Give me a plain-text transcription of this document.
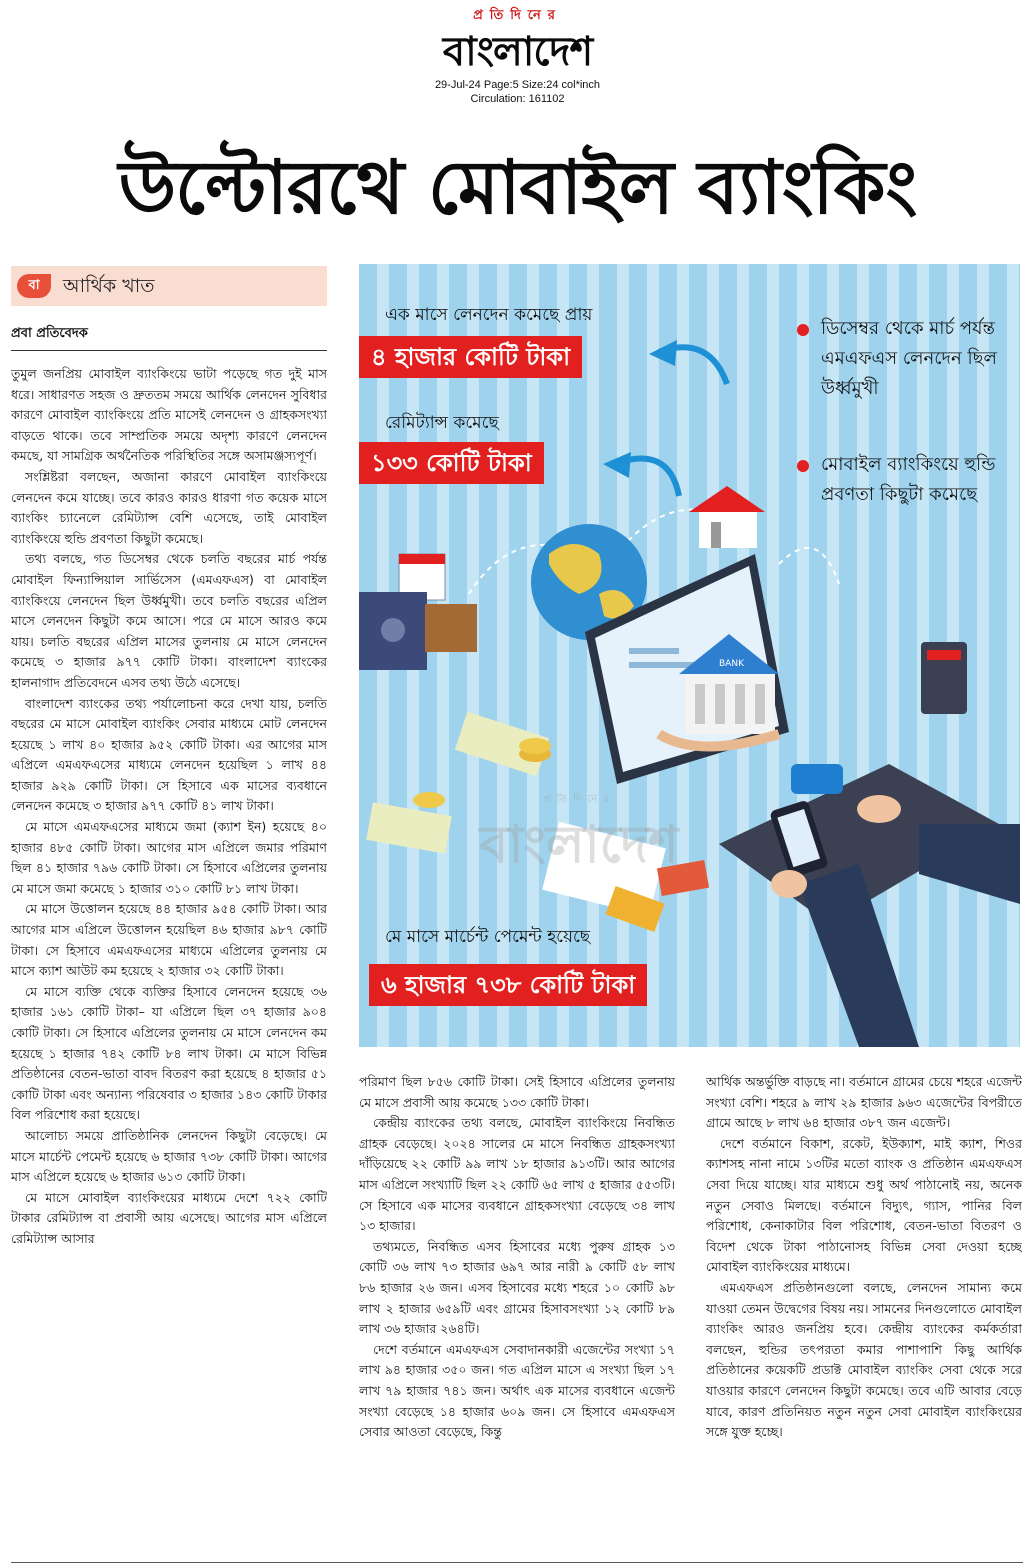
প্রতিদিনের
বাংলাদেশ
29-Jul-24 Page:5 Size:24 col*inch
Circulation: 161102
উল্টোরথে মোবাইল ব্যাংকিং
বা	আর্থিক খাত
প্রবা প্রতিবেদক

তুমুল জনপ্রিয় মোবাইল ব্যাংকিংয়ে ভাটা পড়েছে গত দুই মাস ধরে। সাধারণত সহজ ও দ্রুততম সময়ে আর্থিক লেনদেন সুবিধার কারণে মোবাইল ব্যাংকিংয়ে প্রতি মাসেই লেনদেন ও গ্রাহকসংখ্যা বাড়তে থাকে। তবে সাম্প্রতিক সময়ে অদৃশ্য কারণে লেনদেন কমছে, যা সামগ্রিক অর্থনৈতিক পরিস্থিতির সঙ্গে অসামঞ্জস্যপূর্ণ।

সংশ্লিষ্টরা বলছেন, অজানা কারণে মোবাইল ব্যাংকিংয়ে লেনদেন কমে যাচ্ছে। তবে কারও কারও ধারণা গত কয়েক মাসে ব্যাংকিং চ্যানেলে রেমিট্যান্স বেশি এসেছে, তাই মোবাইল ব্যাংকিংয়ে হুন্ডি প্রবণতা কিছুটা কমেছে।

তথ্য বলছে, গত ডিসেম্বর থেকে চলতি বছরের মার্চ পর্যন্ত মোবাইল ফিন্যান্সিয়াল সার্ভিসেস (এমএফএস) বা মোবাইল ব্যাংকিংয়ে লেনদেন ছিল উর্ধ্বমুখী। তবে চলতি বছরের এপ্রিল মাসে লেনদেন কিছুটা কমে আসে। পরে মে মাসে আরও কমে যায়। চলতি বছরের এপ্রিল মাসের তুলনায় মে মাসে লেনদেন কমেছে ৩ হাজার ৯৭৭ কোটি টাকা। বাংলাদেশ ব্যাংকের হালনাগাদ প্রতিবেদনে এসব তথ্য উঠে এসেছে।

বাংলাদেশ ব্যাংকের তথ্য পর্যালোচনা করে দেখা যায়, চলতি বছরের মে মাসে মোবাইল ব্যাংকিং সেবার মাধ্যমে মোট লেনদেন হয়েছে ১ লাখ ৪০ হাজার ৯৫২ কোটি টাকা। এর আগের মাস এপ্রিলে এমএফএসের মাধ্যমে লেনদেন হয়েছিল ১ লাখ ৪৪ হাজার ৯২৯ কোটি টাকা। সে হিসাবে এক মাসের ব্যবধানে লেনদেন কমেছে ৩ হাজার ৯৭৭ কোটি ৪১ লাখ টাকা।

মে মাসে এমএফএসের মাধ্যমে জমা (ক্যাশ ইন) হয়েছে ৪০ হাজার ৪৮৫ কোটি টাকা। আগের মাস এপ্রিলে জমার পরিমাণ ছিল ৪১ হাজার ৭৯৬ কোটি টাকা। সে হিসাবে এপ্রিলের তুলনায় মে মাসে জমা কমেছে ১ হাজার ৩১০ কোটি ৮১ লাখ টাকা।

মে মাসে উত্তোলন হয়েছে ৪৪ হাজার ৯৫৪ কোটি টাকা। আর আগের মাস এপ্রিলে উত্তোলন হয়েছিল ৪৬ হাজার ৯৮৭ কোটি টাকা। সে হিসাবে এমএফএসের মাধ্যমে এপ্রিলের তুলনায় মে মাসে ক্যাশ আউট কম হয়েছে ২ হাজার ৩২ কোটি টাকা।

মে মাসে ব্যক্তি থেকে ব্যক্তির হিসাবে লেনদেন হয়েছে ৩৬ হাজার ১৬১ কোটি টাকা– যা এপ্রিলে ছিল ৩৭ হাজার ৯০৪ কোটি টাকা। সে হিসাবে এপ্রিলের তুলনায় মে মাসে লেনদেন কম হয়েছে ১ হাজার ৭৪২ কোটি ৮৪ লাখ টাকা। মে মাসে বিভিন্ন প্রতিষ্ঠানের বেতন-ভাতা বাবদ বিতরণ করা হয়েছে ৪ হাজার ৫১ কোটি টাকা এবং অন্যান্য পরিষেবার ৩ হাজার ১৪৩ কোটি টাকার বিল পরিশোধ করা হয়েছে।

আলোচ্য সময়ে প্রাতিষ্ঠানিক লেনদেন কিছুটা বেড়েছে। মে মাসে মার্চেন্ট পেমেন্ট হয়েছে ৬ হাজার ৭৩৮ কোটি টাকা। আগের মাস এপ্রিলে হয়েছে ৬ হাজার ৬১৩ কোটি টাকা।

মে মাসে মোবাইল ব্যাংকিংয়ের মাধ্যমে দেশে ৭২২ কোটি টাকার রেমিট্যান্স বা প্রবাসী আয় এসেছে। আগের মাস এপ্রিলে রেমিট্যান্স আসার

পরিমাণ ছিল ৮৫৬ কোটি টাকা। সেই হিসাবে এপ্রিলের তুলনায় মে মাসে প্রবাসী আয় কমেছে ১৩৩ কোটি টাকা।

কেন্দ্রীয় ব্যাংকের তথ্য বলছে, মোবাইল ব্যাংকিংয়ে নিবন্ধিত গ্রাহক বেড়েছে। ২০২৪ সালের মে মাসে নিবন্ধিত গ্রাহকসংখ্যা দাঁড়িয়েছে ২২ কোটি ৯৯ লাখ ১৮ হাজার ৯১৩টি। আর আগের মাস এপ্রিলে সংখ্যাটি ছিল ২২ কোটি ৬৫ লাখ ৫ হাজার ৫৫৩টি। সে হিসাবে এক মাসের ব্যবধানে গ্রাহকসংখ্যা বেড়েছে ৩৪ লাখ ১৩ হাজার।

তথ্যমতে, নিবন্ধিত এসব হিসাবের মধ্যে পুরুষ গ্রাহক ১৩ কোটি ৩৬ লাখ ৭৩ হাজার ৬৯৭ আর নারী ৯ কোটি ৫৮ লাখ ৮৬ হাজার ২৬ জন। এসব হিসাবের মধ্যে শহরে ১০ কোটি ৯৮ লাখ ২ হাজার ৬৫৯টি এবং গ্রামের হিসাবসংখ্যা ১২ কোটি ৮৯ লাখ ৩৬ হাজার ২৬৪টি।

দেশে বর্তমানে এমএফএস সেবাদানকারী এজেন্টের সংখ্যা ১৭ লাখ ৯৪ হাজার ৩৫০ জন। গত এপ্রিল মাসে এ সংখ্যা ছিল ১৭ লাখ ৭৯ হাজার ৭৪১ জন। অর্থাৎ এক মাসের ব্যবধানে এজেন্ট সংখ্যা বেড়েছে ১৪ হাজার ৬০৯ জন। সে হিসাবে এমএফএস সেবার আওতা বেড়েছে, কিন্তু

আর্থিক অন্তর্ভুক্তি বাড়ছে না। বর্তমানে গ্রামের চেয়ে শহরে এজেন্ট সংখ্যা বেশি। শহরে ৯ লাখ ২৯ হাজার ৯৬৩ এজেন্টের বিপরীতে গ্রামে আছে ৮ লাখ ৬৪ হাজার ৩৮৭ জন এজেন্ট।

দেশে বর্তমানে বিকাশ, রকেট, ইউক্যাশ, মাই ক্যাশ, শিওর ক্যাশসহ নানা নামে ১৩টির মতো ব্যাংক ও প্রতিষ্ঠান এমএফএস সেবা দিয়ে যাচ্ছে। যার মাধ্যমে শুধু অর্থ পাঠানোই নয়, অনেক নতুন সেবাও মিলছে। বর্তমানে বিদ্যুৎ, গ্যাস, পানির বিল পরিশোধ, কেনাকাটার বিল পরিশোধ, বেতন-ভাতা বিতরণ ও বিদেশ থেকে টাকা পাঠানোসহ বিভিন্ন সেবা দেওয়া হচ্ছে মোবাইল ব্যাংকিংয়ের মাধ্যমে।

এমএফএস প্রতিষ্ঠানগুলো বলছে, লেনদেন সামান্য কমে যাওয়া তেমন উদ্বেগের বিষয় নয়। সামনের দিনগুলোতে মোবাইল ব্যাংকিং আরও জনপ্রিয় হবে। কেন্দ্রীয় ব্যাংকের কর্মকর্তারা বলছেন, হুন্ডির তৎপরতা কমার পাশাপাশি কিছু আর্থিক প্রতিষ্ঠানের কয়েকটি প্রডাক্ট মোবাইল ব্যাংকিং সেবা থেকে সরে যাওয়ার কারণে লেনদেন কিছুটা কমেছে। তবে এটি আবার বেড়ে যাবে, কারণ প্রতিনিয়ত নতুন নতুন সেবা মোবাইল ব্যাংকিংয়ের সঙ্গে যুক্ত হচ্ছে।

BANK
প্রতিদিনের
বাংলাদেশ
এক মাসে লেনদেন কমেছে প্রায়
৪ হাজার কোটি টাকা
রেমিট্যান্স কমেছে
১৩৩ কোটি টাকা
ডিসেম্বর থেকে মার্চ পর্যন্ত এমএফএস লেনদেন ছিল উর্ধ্বমুখী
মোবাইল ব্যাংকিংয়ে হুন্ডি প্রবণতা কিছুটা কমেছে
মে মাসে মার্চেন্ট পেমেন্ট হয়েছে
৬ হাজার ৭৩৮ কোটি টাকা
